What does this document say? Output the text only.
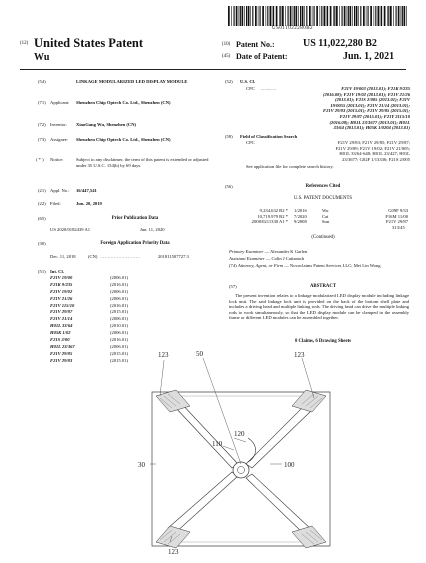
US011022280B2
(12) United States Patent
Wu
(10) Patent No.:	US 11,022,280 B2
(45) Date of Patent:	Jun. 1, 2021
(54)	LINKAGE MODULARIZED LED DISPLAY MODULE
(71) Applicant: Shenzhen Chip Optech Co. Ltd., Shenzhen (CN)
(72) Inventor: XiaoGang Wu, Shenzhen (CN)
(73) Assignee: Shenzhen Chip Optech Co. Ltd., Shenzhen (CN)
( * ) Notice:	Subject to any disclaimer, the term of this patent is extended or adjusted under 35 U.S.C. 154(b) by 69 days.
(21) Appl. No.: 16/447,541
(22) Filed:	Jun. 20, 2019
(65)	Prior Publication Data
US 2020/0182439 A1	Jun. 11, 2020
(30)	Foreign Application Priority Data
Dec. 11, 2018	(CN) ..........................	201811507727.3
(51) Int. Cl.
F21V 19/00	(2006.01)
F21K 9/235	(2016.01)
F21V 19/02	(2006.01)
F21V 21/26	(2006.01)
F21V 115/10	(2016.01)
F21V 29/87	(2015.01)
F21V 21/14	(2006.01)
H01L 33/64	(2010.01)
H05K 1/02	(2006.01)
F21S 2/00	(2016.01)
H01L 23/367	(2006.01)
F21V 29/85	(2015.01)
F21V 29/83	(2015.01)
(52) U.S. Cl.
CPC .............	F21V 19/003 (2013.01); F21K 9/235
(2016.08); F21V 19/02 (2013.01); F21V 21/26
(2013.01); F21S 2/005 (2013.01); F21V
19/0055 (2013.01); F21V 21/14 (2013.01);
F21V 29/83 (2015.01); F21V 29/85 (2015.01);
F21V 29/87 (2015.01); F21Y 2115/10
(2016.08); H01L 23/3677 (2013.01); H01L
33/64 (2013.01); H05K 1/0204 (2013.01)
(58) Field of Classification Search
CPC	F21V 29/83; F21V 29/85; F21V 29/87;
F21V 29/89; F21V 19/02; F21V 21/005;
H01L 33/64-648; H01L 23/427; H01L
23/3677; G02F 1/13336; F21S 2/005
See application file for complete search history.
(56)	References Cited
U.S. PATENT DOCUMENTS
9,234,632 B2 *	1/2016	Wu	G09F 9/33
10,719,979 B2 *	7/2020	Cai	F16M 11/00
2008/0211330 A1 *	9/2008	Sun	F21V 29/87
313/45
(Continued)
Primary Examiner — Alexander K Garlen
Assistant Examiner — Colin J Cattanach
(74) Attorney, Agent, or Firm — Novoclaims Patent Services LLC; Mei Lin Wong
(57)	ABSTRACT
The present invention relates to a linkage modularized LED display module including linkage lock unit. The said linkage lock unit is provided on the back of the bottom shell plate and includes a driving head and multiple linking rods. The driving head can drive the multiple linking rods to work simultaneously, so that the LED display module can be clamped in the assembly frame or different LED modules can be assembled together.
8 Claims, 6 Drawing Sheets
123	50	123
120
110
100
30
123
